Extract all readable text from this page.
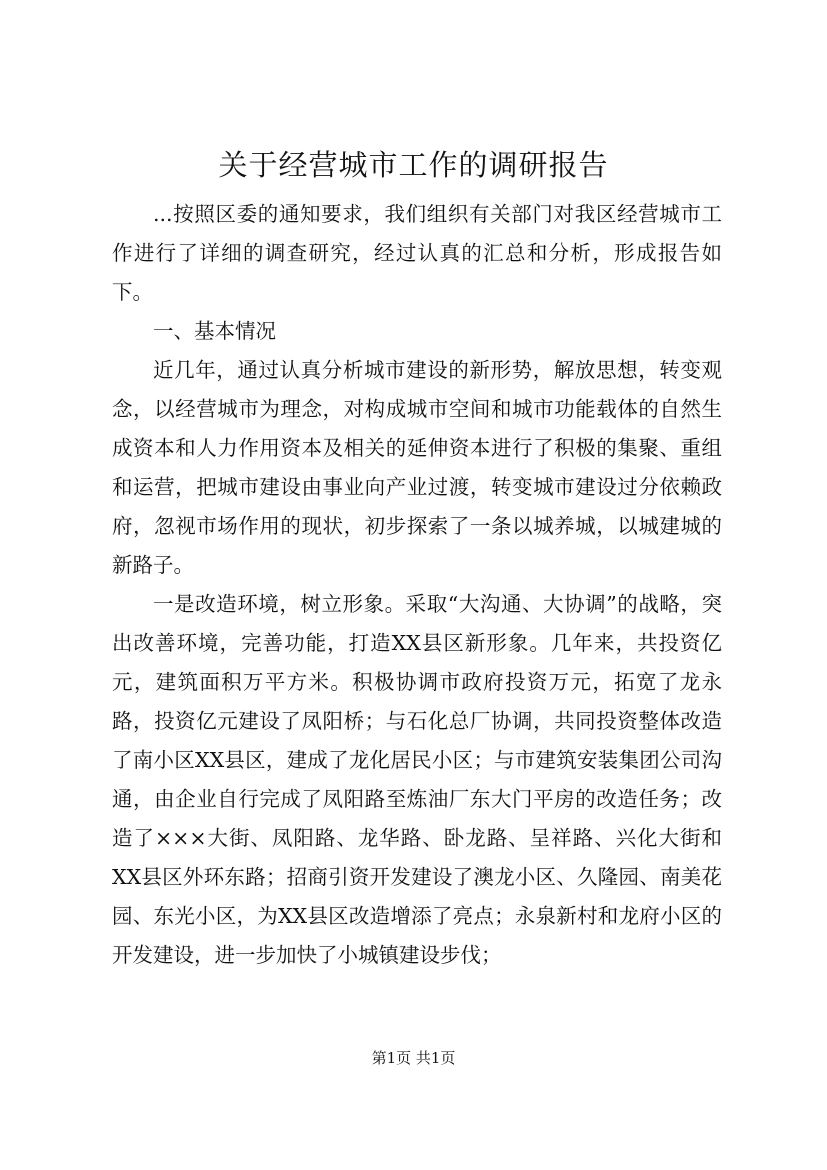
关于经营城市工作的调研报告

...按照区委的通知要求，我们组织有关部门对我区经营城市工作进行了详细的调查研究，经过认真的汇总和分析，形成报告如下。

一、基本情况

近几年，通过认真分析城市建设的新形势，解放思想，转变观念，以经营城市为理念，对构成城市空间和城市功能载体的自然生成资本和人力作用资本及相关的延伸资本进行了积极的集聚、重组和运营，把城市建设由事业向产业过渡，转变城市建设过分依赖政府，忽视市场作用的现状，初步探索了一条以城养城，以城建城的新路子。

一是改造环境，树立形象。采取“大沟通、大协调”的战略，突出改善环境，完善功能，打造XX县区新形象。几年来，共投资亿元，建筑面积万平方米。积极协调市政府投资万元，拓宽了龙永路，投资亿元建设了凤阳桥；与石化总厂协调，共同投资整体改造了南小区XX县区，建成了龙化居民小区；与市建筑安装集团公司沟通，由企业自行完成了凤阳路至炼油厂东大门平房的改造任务；改造了×××大街、凤阳路、龙华路、卧龙路、呈祥路、兴化大街和XX县区外环东路；招商引资开发建设了澳龙小区、久隆园、南美花园、东光小区，为XX县区改造增添了亮点；永泉新村和龙府小区的开发建设，进一步加快了小城镇建设步伐；

第1页 共1页
